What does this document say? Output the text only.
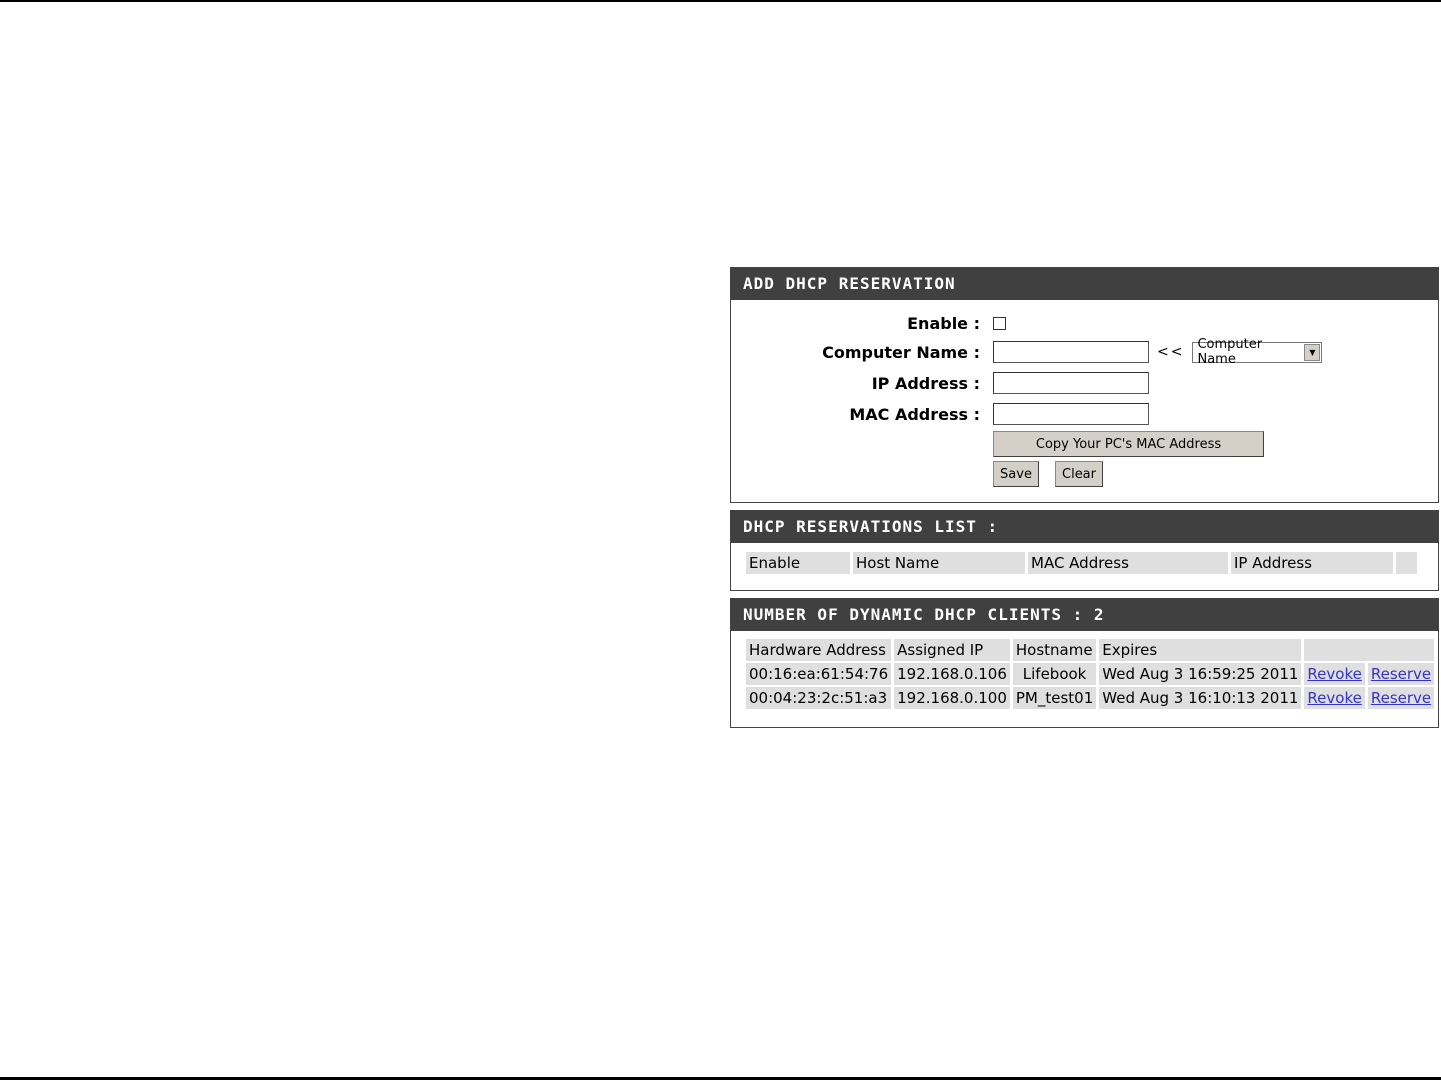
ADD DHCP RESERVATION
Enable :
Computer Name :	<< Computer Name	▼
IP Address :
MAC Address :
Copy Your PC's MAC Address
Save	Clear
DHCP RESERVATIONS LIST :
Enable	Host Name	MAC Address	IP Address	
NUMBER OF DYNAMIC DHCP CLIENTS : 2
Hardware Address	Assigned IP	Hostname	Expires		
00:16:ea:61:54:76	192.168.0.106	Lifebook	Wed Aug 3 16:59:25 2011	Revoke	Reserve
00:04:23:2c:51:a3	192.168.0.100	PM_test01	Wed Aug 3 16:10:13 2011	Revoke	Reserve
